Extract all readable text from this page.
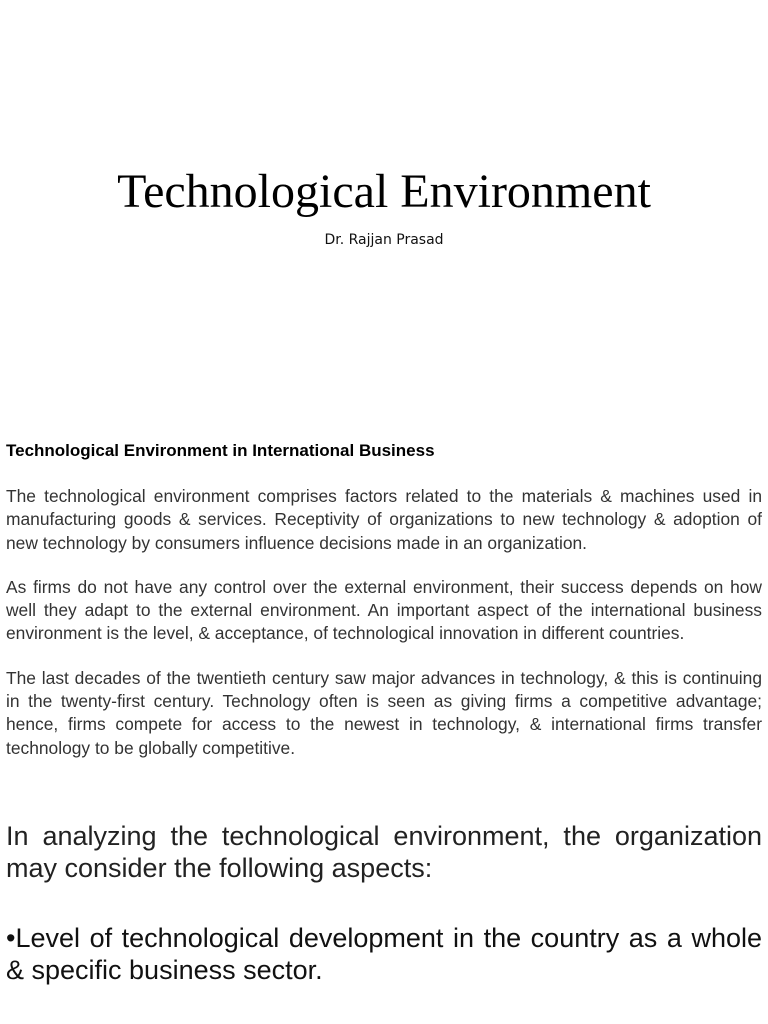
Technological Environment
Dr. Rajjan Prasad

Technological Environment in International Business

The technological environment comprises factors related to the materials & machines used in manufacturing goods & services. Receptivity of organizations to new technology & adoption of new technology by consumers influence decisions made in an organization.

As firms do not have any control over the external environment, their success depends on how well they adapt to the external environment. An important aspect of the international business environment is the level, & acceptance, of technological innovation in different countries.

The last decades of the twentieth century saw major advances in technology, & this is continuing in the twenty-first century. Technology often is seen as giving firms a competitive advantage; hence, firms compete for access to the newest in technology, & international firms transfer technology to be globally competitive.

In analyzing the technological environment, the organization may consider the following aspects:

•Level of technological development in the country as a whole & specific business sector.
